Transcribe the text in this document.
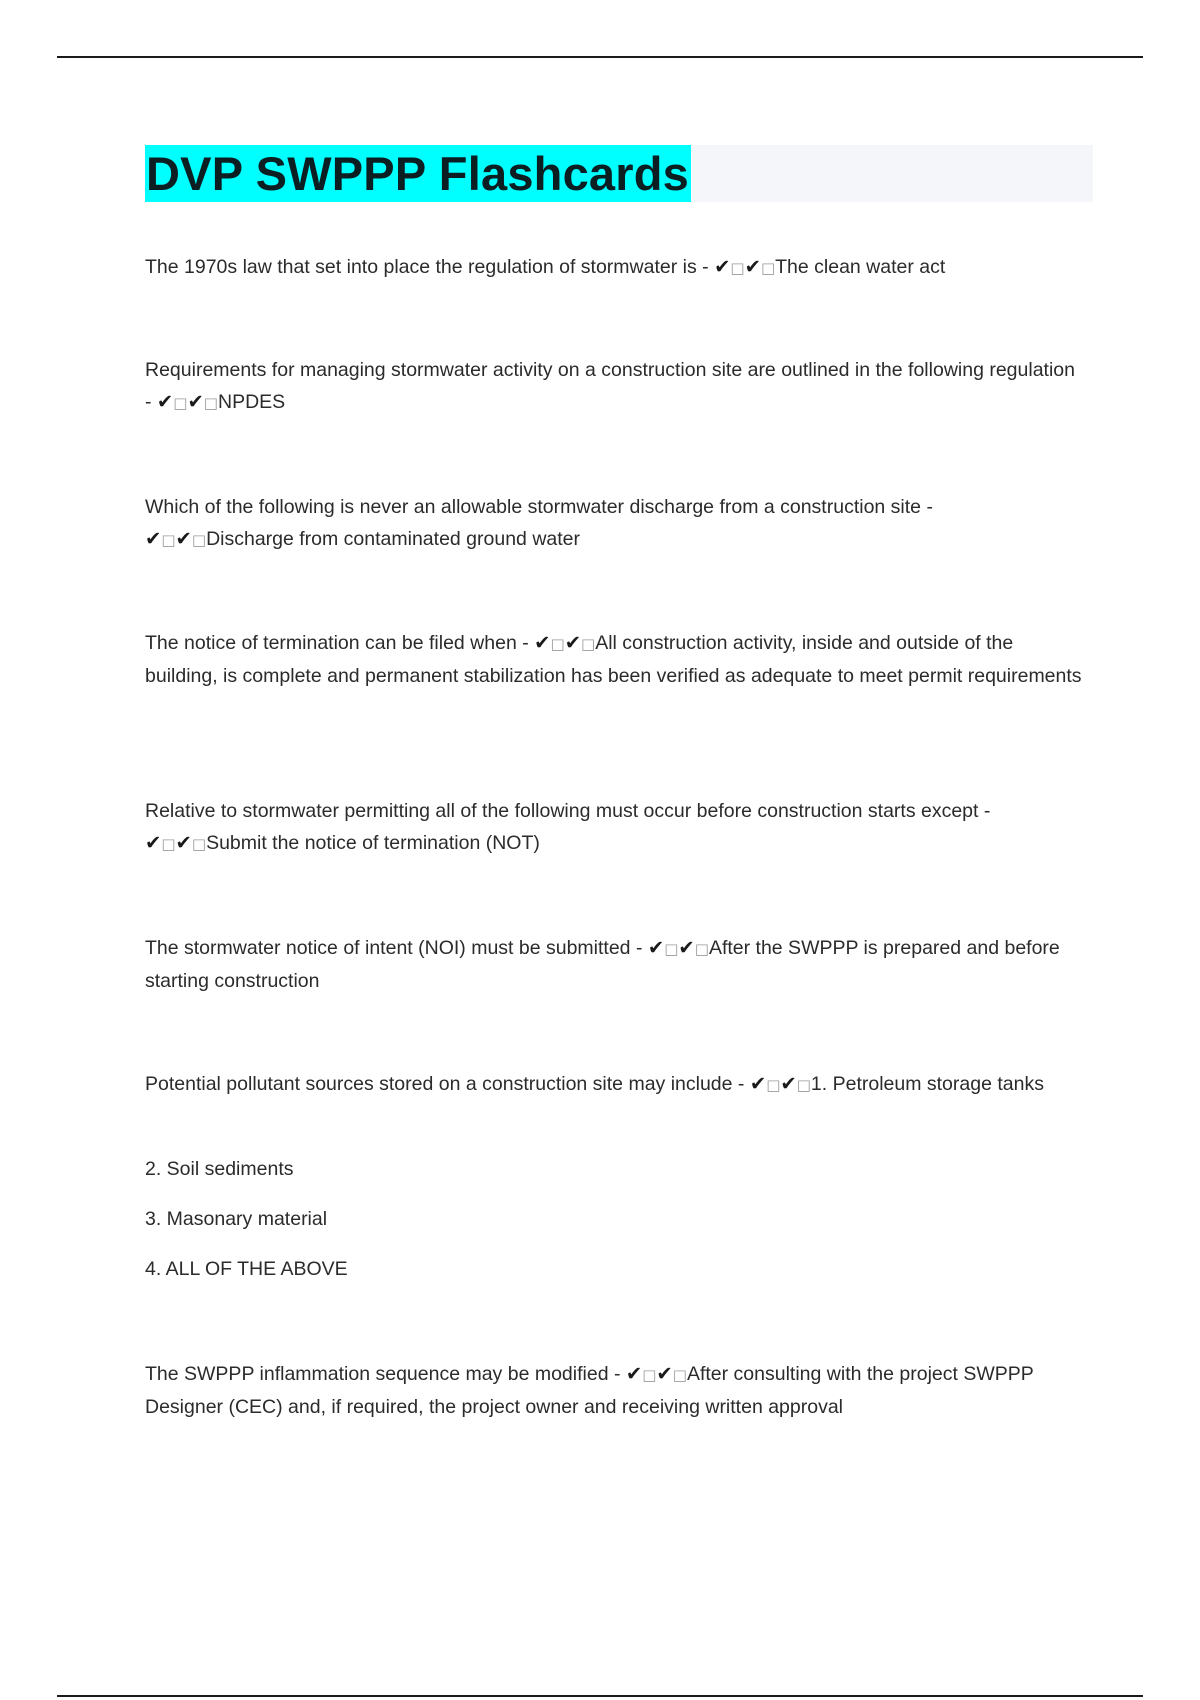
DVP SWPPP Flashcards
The 1970s law that set into place the regulation of stormwater is - ✔□✔□The clean water act
Requirements for managing stormwater activity on a construction site are outlined in the following regulation - ✔□✔□NPDES
Which of the following is never an allowable stormwater discharge from a construction site - ✔□✔□Discharge from contaminated ground water
The notice of termination can be filed when - ✔□✔□All construction activity, inside and outside of the building, is complete and permanent stabilization has been verified as adequate to meet permit requirements
Relative to stormwater permitting all of the following must occur before construction starts except - ✔□✔□Submit the notice of termination (NOT)
The stormwater notice of intent (NOI) must be submitted - ✔□✔□After the SWPPP is prepared and before starting construction
Potential pollutant sources stored on a construction site may include - ✔□✔□1. Petroleum storage tanks
2. Soil sediments
3. Masonary material
4. ALL OF THE ABOVE
The SWPPP inflammation sequence may be modified - ✔□✔□After consulting with the project SWPPP Designer (CEC) and, if required, the project owner and receiving written approval
